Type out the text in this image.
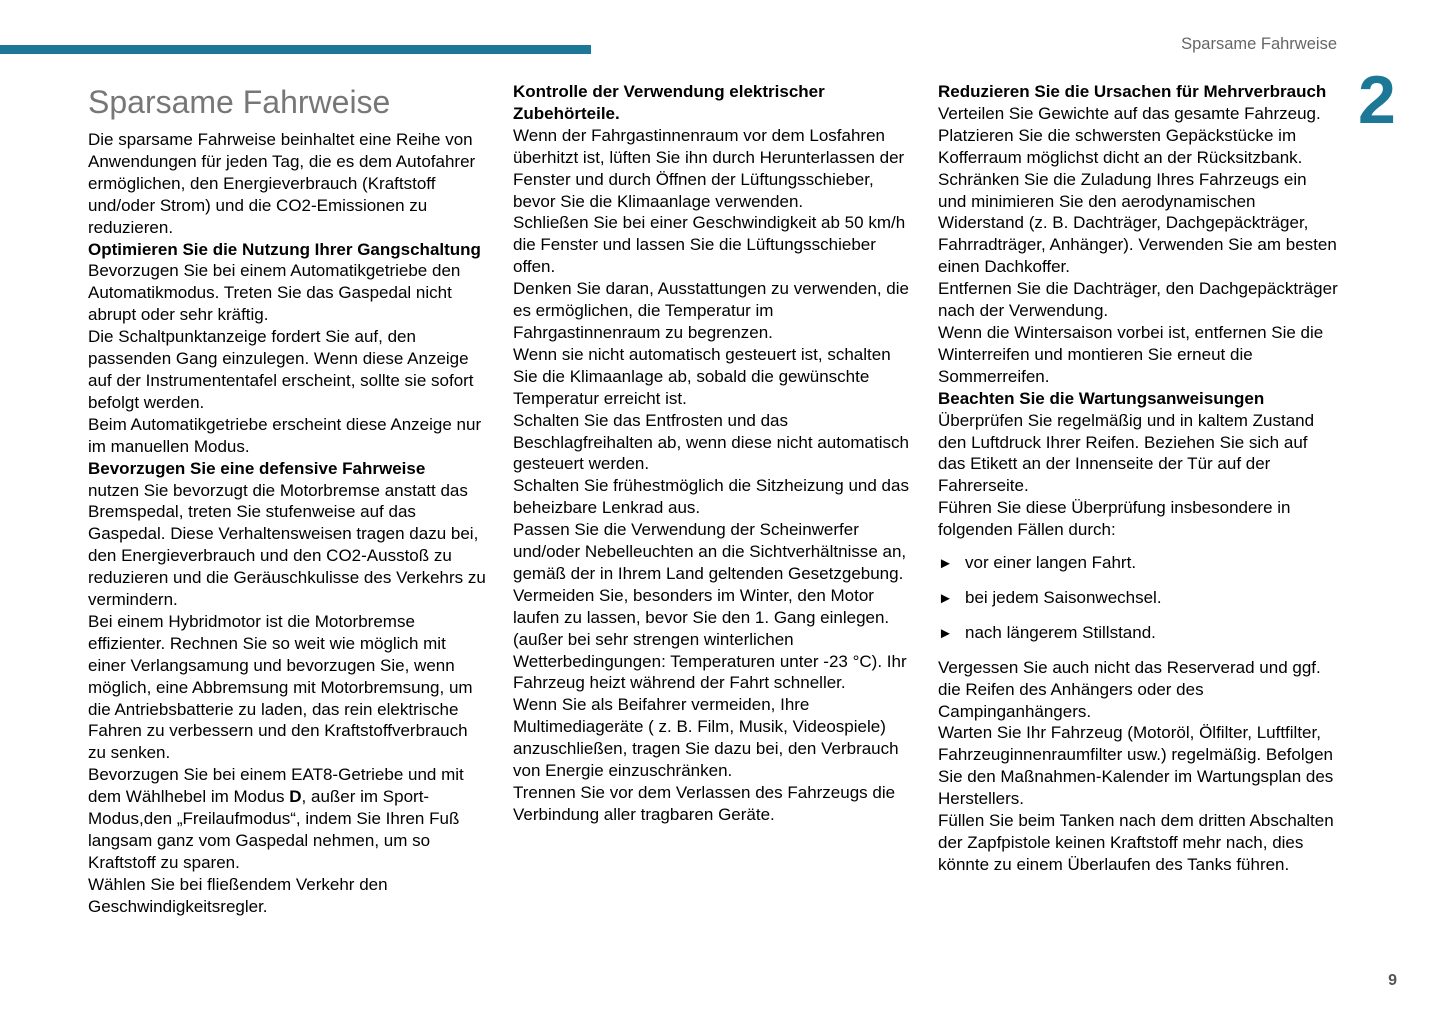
Sparsame Fahrweise
2
Sparsame Fahrweise

Die sparsame Fahrweise beinhaltet eine Reihe von Anwendungen für jeden Tag, die es dem Autofahrer ermöglichen, den Energieverbrauch (Kraftstoff und/oder Strom) und die CO2-Emissionen zu reduzieren.

Optimieren Sie die Nutzung Ihrer Gangschaltung

Bevorzugen Sie bei einem Automatikgetriebe den Automatikmodus. Treten Sie das Gaspedal nicht abrupt oder sehr kräftig.

Die Schaltpunktanzeige fordert Sie auf, den passenden Gang einzulegen. Wenn diese Anzeige auf der Instrumententafel erscheint, sollte sie sofort befolgt werden.

Beim Automatikgetriebe erscheint diese Anzeige nur im manuellen Modus.

Bevorzugen Sie eine defensive Fahrweise

nutzen Sie bevorzugt die Motorbremse anstatt das Bremspedal, treten Sie stufenweise auf das Gaspedal. Diese Verhaltensweisen tragen dazu bei, den Energieverbrauch und den CO2-Ausstoß zu reduzieren und die Geräuschkulisse des Verkehrs zu vermindern.

Bei einem Hybridmotor ist die Motorbremse effizienter. Rechnen Sie so weit wie möglich mit einer Verlangsamung und bevorzugen Sie, wenn möglich, eine Abbremsung mit Motorbremsung, um die Antriebsbatterie zu laden, das rein elektrische Fahren zu verbessern und den Kraftstoffverbrauch zu senken.

Bevorzugen Sie bei einem EAT8-Getriebe und mit dem Wählhebel im Modus D, außer im Sport-Modus,den „Freilaufmodus“, indem Sie Ihren Fuß langsam ganz vom Gaspedal nehmen, um so Kraftstoff zu sparen.

Wählen Sie bei fließendem Verkehr den Geschwindigkeitsregler.

Kontrolle der Verwendung elektrischer Zubehörteile.

Wenn der Fahrgastinnenraum vor dem Losfahren überhitzt ist, lüften Sie ihn durch Herunterlassen der Fenster und durch Öffnen der Lüftungsschieber, bevor Sie die Klimaanlage verwenden.

Schließen Sie bei einer Geschwindigkeit ab 50 km/h die Fenster und lassen Sie die Lüftungsschieber offen.

Denken Sie daran, Ausstattungen zu verwenden, die es ermöglichen, die Temperatur im Fahrgastinnenraum zu begrenzen.

Wenn sie nicht automatisch gesteuert ist, schalten Sie die Klimaanlage ab, sobald die gewünschte Temperatur erreicht ist.

Schalten Sie das Entfrosten und das Beschlagfreihalten ab, wenn diese nicht automatisch gesteuert werden.

Schalten Sie frühestmöglich die Sitzheizung und das beheizbare Lenkrad aus.

Passen Sie die Verwendung der Scheinwerfer und/oder Nebelleuchten an die Sichtverhältnisse an, gemäß der in Ihrem Land geltenden Gesetzgebung.

Vermeiden Sie, besonders im Winter, den Motor laufen zu lassen, bevor Sie den 1. Gang einlegen.(außer bei sehr strengen winterlichen Wetterbedingungen: Temperaturen unter -23 °C). Ihr Fahrzeug heizt während der Fahrt schneller.

Wenn Sie als Beifahrer vermeiden, Ihre Multimediageräte ( z. B. Film, Musik, Videospiele) anzuschließen, tragen Sie dazu bei, den Verbrauch von Energie einzuschränken.

Trennen Sie vor dem Verlassen des Fahrzeugs die Verbindung aller tragbaren Geräte.

Reduzieren Sie die Ursachen für Mehrverbrauch

Verteilen Sie Gewichte auf das gesamte Fahrzeug. Platzieren Sie die schwersten Gepäckstücke im Kofferraum möglichst dicht an der Rücksitzbank.

Schränken Sie die Zuladung Ihres Fahrzeugs ein und minimieren Sie den aerodynamischen Widerstand (z. B. Dachträger, Dachgepäckträger, Fahrradträger, Anhänger). Verwenden Sie am besten einen Dachkoffer.

Entfernen Sie die Dachträger, den Dachgepäckträger nach der Verwendung.

Wenn die Wintersaison vorbei ist, entfernen Sie die Winterreifen und montieren Sie erneut die Sommerreifen.

Beachten Sie die Wartungsanweisungen

Überprüfen Sie regelmäßig und in kaltem Zustand den Luftdruck Ihrer Reifen. Beziehen Sie sich auf das Etikett an der Innenseite der Tür auf der Fahrerseite.

Führen Sie diese Überprüfung insbesondere in folgenden Fällen durch:

► vor einer langen Fahrt.
► bei jedem Saisonwechsel.
► nach längerem Stillstand.

Vergessen Sie auch nicht das Reserverad und ggf. die Reifen des Anhängers oder des Campinganhängers.

Warten Sie Ihr Fahrzeug (Motoröl, Ölfilter, Luftfilter, Fahrzeuginnenraumfilter usw.) regelmäßig. Befolgen Sie den Maßnahmen-Kalender im Wartungsplan des Herstellers.

Füllen Sie beim Tanken nach dem dritten Abschalten der Zapfpistole keinen Kraftstoff mehr nach, dies könnte zu einem Überlaufen des Tanks führen.

9
